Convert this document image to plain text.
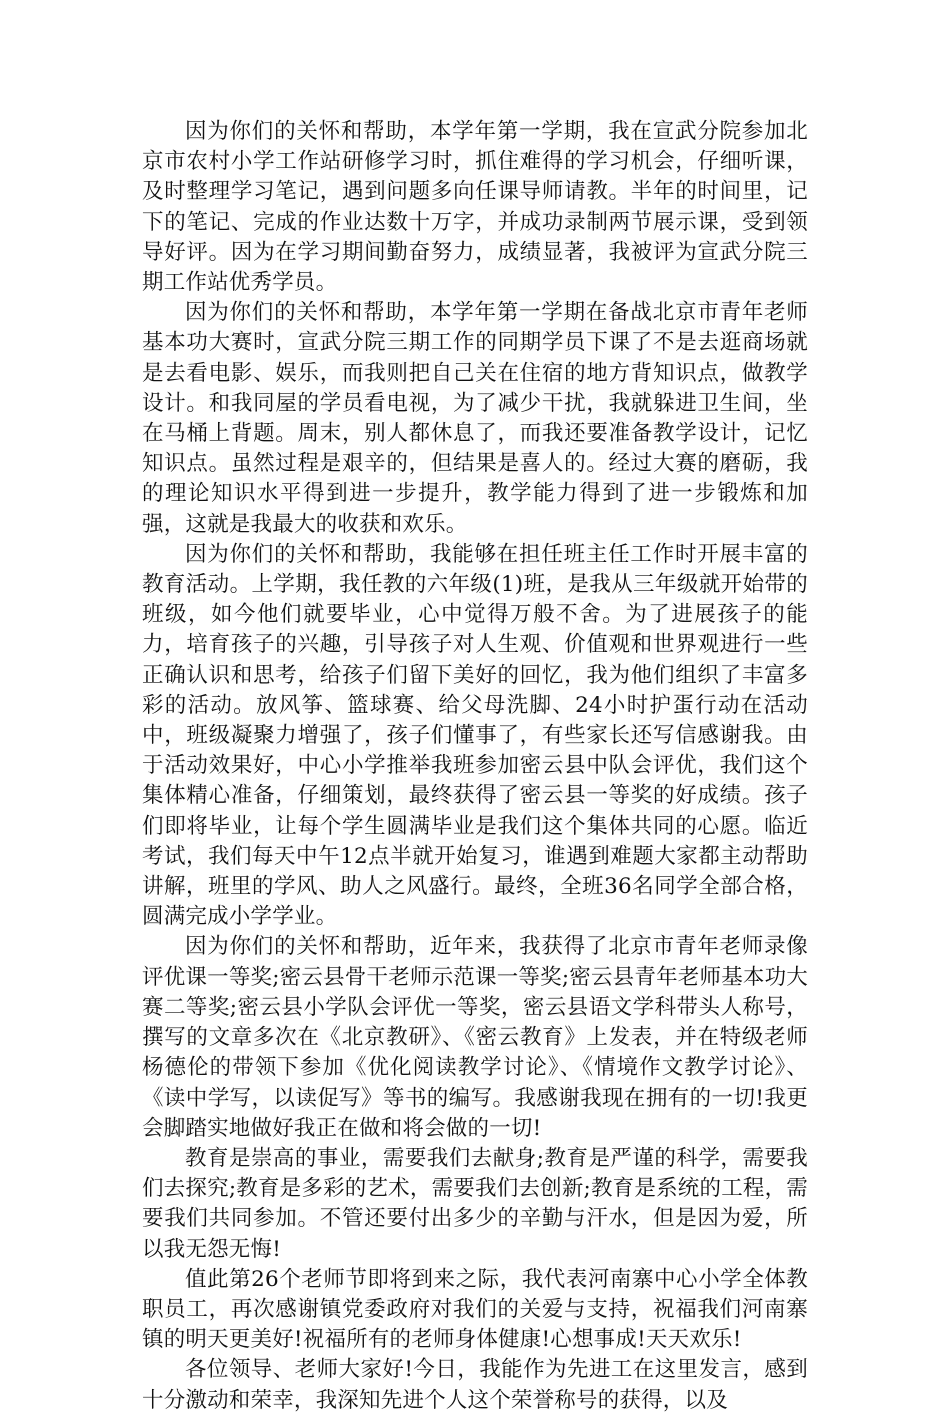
因为你们的关怀和帮助，本学年第一学期，我在宣武分院参加北京市农村小学工作站研修学习时，抓住难得的学习机会，仔细听课，及时整理学习笔记，遇到问题多向任课导师请教。半年的时间里，记下的笔记、完成的作业达数十万字，并成功录制两节展示课，受到领导好评。因为在学习期间勤奋努力，成绩显著，我被评为宣武分院三期工作站优秀学员。

因为你们的关怀和帮助，本学年第一学期在备战北京市青年老师基本功大赛时，宣武分院三期工作的同期学员下课了不是去逛商场就是去看电影、娱乐，而我则把自己关在住宿的地方背知识点，做教学设计。和我同屋的学员看电视，为了减少干扰，我就躲进卫生间，坐在马桶上背题。周末，别人都休息了，而我还要准备教学设计，记忆知识点。虽然过程是艰辛的，但结果是喜人的。经过大赛的磨砺，我的理论知识水平得到进一步提升，教学能力得到了进一步锻炼和加强，这就是我最大的收获和欢乐。

因为你们的关怀和帮助，我能够在担任班主任工作时开展丰富的教育活动。上学期，我任教的六年级(1)班，是我从三年级就开始带的班级，如今他们就要毕业，心中觉得万般不舍。为了进展孩子的能力，培育孩子的兴趣，引导孩子对人生观、价值观和世界观进行一些正确认识和思考，给孩子们留下美好的回忆，我为他们组织了丰富多彩的活动。放风筝、篮球赛、给父母洗脚、24小时护蛋行动在活动中，班级凝聚力增强了，孩子们懂事了，有些家长还写信感谢我。由于活动效果好，中心小学推举我班参加密云县中队会评优，我们这个集体精心准备，仔细策划，最终获得了密云县一等奖的好成绩。孩子们即将毕业，让每个学生圆满毕业是我们这个集体共同的心愿。临近考试，我们每天中午12点半就开始复习，谁遇到难题大家都主动帮助讲解，班里的学风、助人之风盛行。最终，全班36名同学全部合格，圆满完成小学学业。

因为你们的关怀和帮助，近年来，我获得了北京市青年老师录像评优课一等奖;密云县骨干老师示范课一等奖;密云县青年老师基本功大赛二等奖;密云县小学队会评优一等奖，密云县语文学科带头人称号，撰写的文章多次在《北京教研》、《密云教育》上发表，并在特级老师杨德伦的带领下参加《优化阅读教学讨论》、《情境作文教学讨论》、《读中学写，以读促写》等书的编写。我感谢我现在拥有的一切!我更会脚踏实地做好我正在做和将会做的一切!

教育是崇高的事业，需要我们去献身;教育是严谨的科学，需要我们去探究;教育是多彩的艺术，需要我们去创新;教育是系统的工程，需要我们共同参加。不管还要付出多少的辛勤与汗水，但是因为爱，所以我无怨无悔!

值此第26个老师节即将到来之际，我代表河南寨中心小学全体教职员工，再次感谢镇党委政府对我们的关爱与支持，祝福我们河南寨镇的明天更美好!祝福所有的老师身体健康!心想事成!天天欢乐!

各位领导、老师大家好!今日，我能作为先进工在这里发言，感到十分激动和荣幸，我深知先进个人这个荣誉称号的获得，以及
